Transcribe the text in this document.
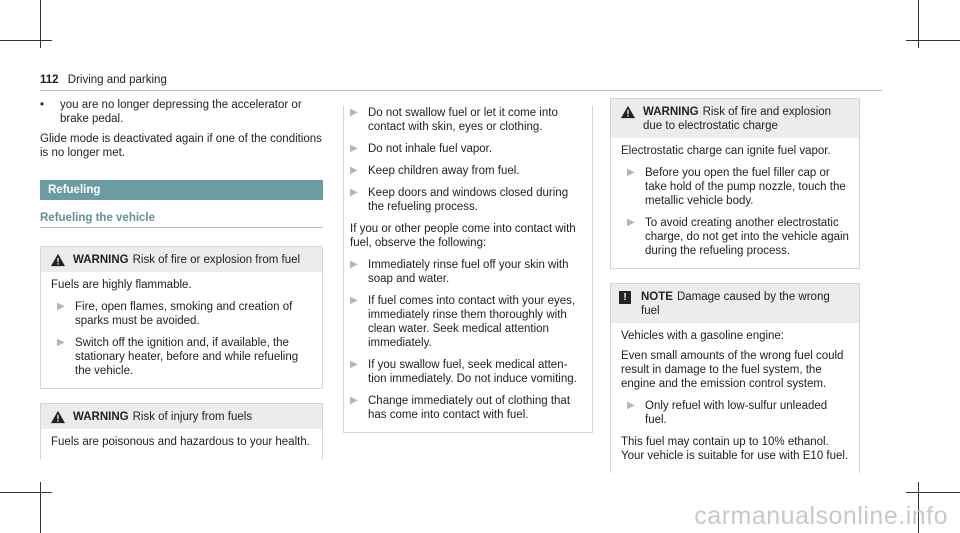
112 Driving and parking
•	you are no longer depressing the accelerator or brake pedal.

Glide mode is deactivated again if one of the conditions is no longer met.

Refueling
Refueling the vehicle
WARNING Risk of fire or explosion from fuel

Fuels are highly flammable.

▶ Fire, open flames, smoking and creation of sparks must be avoided.
▶ Switch off the ignition and, if available, the stationary heater, before and while refueling the vehicle.
WARNING Risk of injury from fuels

Fuels are poisonous and hazardous to your health.

▶ Do not swallow fuel or let it come into contact with skin, eyes or clothing.
▶ Do not inhale fuel vapor.
▶ Keep children away from fuel.
▶ Keep doors and windows closed during the refueling process.

If you or other people come into contact with fuel, observe the following:

▶ Immediately rinse fuel off your skin with soap and water.
▶ If fuel comes into contact with your eyes, immediately rinse them thoroughly with clean water. Seek medical attention immediately.
▶ If you swallow fuel, seek medical attention immediately. Do not induce vomiting.
▶ Change immediately out of clothing that has come into contact with fuel.
WARNING Risk of fire and explosion due to electrostatic charge

Electrostatic charge can ignite fuel vapor.

▶ Before you open the fuel filler cap or take hold of the pump nozzle, touch the metallic vehicle body.
▶ To avoid creating another electrostatic charge, do not get into the vehicle again during the refueling process.
!	NOTE Damage caused by the wrong fuel

Vehicles with a gasoline engine:

Even small amounts of the wrong fuel could result in damage to the fuel system, the engine and the emission control system.

▶ Only refuel with low-sulfur unleaded fuel.

This fuel may contain up to 10% ethanol. Your vehicle is suitable for use with E10 fuel.

carmanualsonline.info
